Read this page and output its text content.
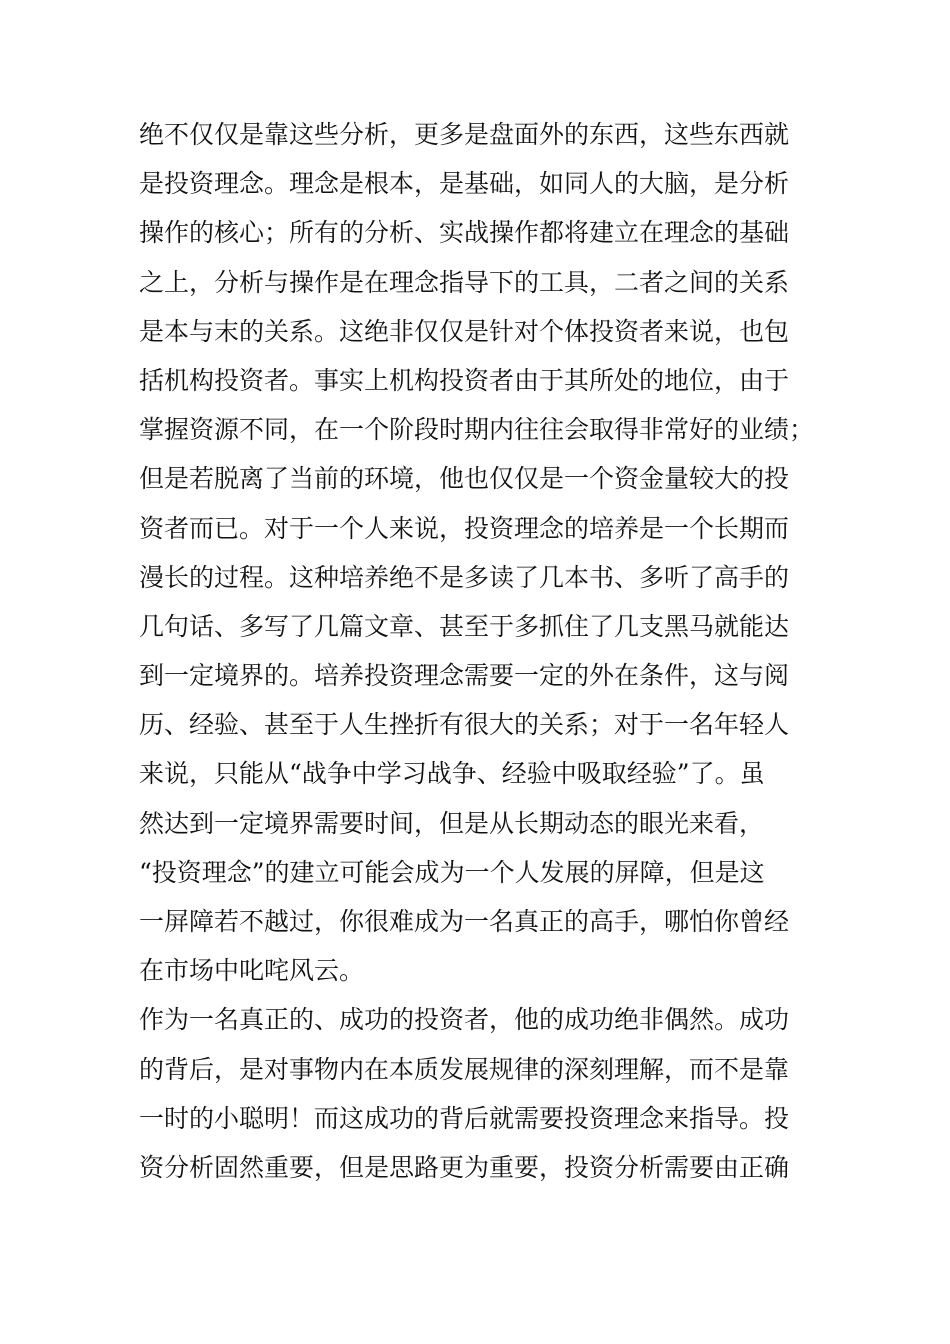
绝不仅仅是靠这些分析，更多是盘面外的东西，这些东西就
是投资理念。理念是根本，是基础，如同人的大脑，是分析
操作的核心；所有的分析、实战操作都将建立在理念的基础
之上，分析与操作是在理念指导下的工具，二者之间的关系
是本与末的关系。这绝非仅仅是针对个体投资者来说，也包
括机构投资者。事实上机构投资者由于其所处的地位，由于
掌握资源不同，在一个阶段时期内往往会取得非常好的业绩；
但是若脱离了当前的环境，他也仅仅是一个资金量较大的投
资者而已。对于一个人来说，投资理念的培养是一个长期而
漫长的过程。这种培养绝不是多读了几本书、多听了高手的
几句话、多写了几篇文章、甚至于多抓住了几支黑马就能达
到一定境界的。培养投资理念需要一定的外在条件，这与阅
历、经验、甚至于人生挫折有很大的关系；对于一名年轻人
来说，只能从“战争中学习战争、经验中吸取经验”了。虽
然达到一定境界需要时间，但是从长期动态的眼光来看，
“投资理念”的建立可能会成为一个人发展的屏障，但是这
一屏障若不越过，你很难成为一名真正的高手，哪怕你曾经
在市场中叱咤风云。
作为一名真正的、成功的投资者，他的成功绝非偶然。成功
的背后，是对事物内在本质发展规律的深刻理解，而不是靠
一时的小聪明！而这成功的背后就需要投资理念来指导。投
资分析固然重要，但是思路更为重要，投资分析需要由正确
